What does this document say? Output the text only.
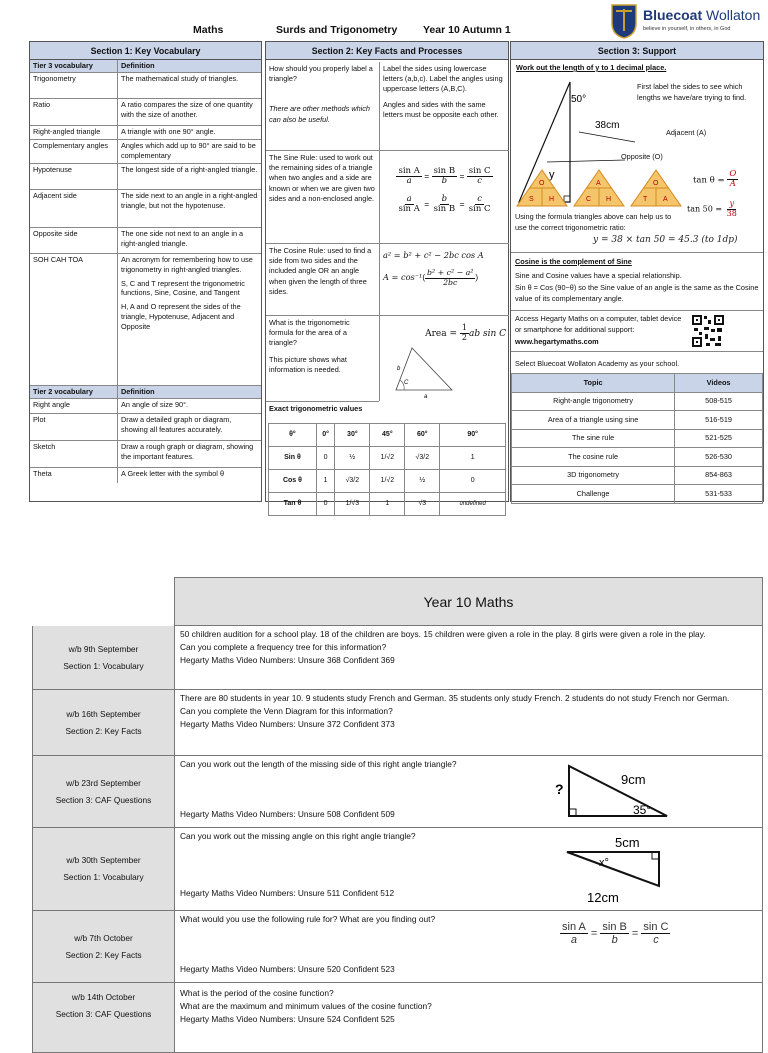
Maths	Surds and Trigonometry Year 10 Autumn 1
Bluecoat Wollaton
believe in yourself, in others, in God
Section 1: Key Vocabulary
Tier 3 vocabulary	Definition
Trigonometry	The mathematical study of triangles.
Ratio	A ratio compares the size of one quantity with the size of another.
Right-angled triangle	A triangle with one 90° angle.
Complementary angles	Angles which add up to 90° are said to be complementary
Hypotenuse	The longest side of a right-angled triangle.
Adjacent side	The side next to an angle in a right-angled triangle, but not the hypotenuse.
Opposite side	The one side not next to an angle in a right-angled triangle.
SOH CAH TOA	An acronym for remembering how to use trigonometry in right-angled triangles.
S, C and T represent the trigonometric functions, Sine, Cosine, and Tangent
H, A and O represent the sides of the triangle, Hypotenuse, Adjacent and Opposite
Tier 2 vocabulary	Definition
Right angle	An angle of size 90°.
Plot	Draw a detailed graph or diagram, showing all features accurately.
Sketch	Draw a rough graph or diagram, showing the important features.
Theta	A Greek letter with the symbol θ
Section 2: Key Facts and Processes
How should you properly label a triangle?
There are other methods which can also be useful.
Label the sides using lowercase letters (a,b,c). Label the angles using uppercase letters (A,B,C).
Angles and sides with the same letters must be opposite each other.
The Sine Rule: used to work out the remaining sides of a triangle when two angles and a side are known or when we are given two sides and a non-enclosed angle.
$\frac{\text{sin A}}{a} = \frac{\text{sin B}}{b} = \frac{\text{sin C}}{c}$
$\frac{a}{\text{sin A}} = \frac{b}{\text{sin B}} = \frac{c}{\text{sin C}}$
The Cosine Rule: used to find a side from two sides and the included angle OR an angle when given the length of three sides.
a² = b² + c² − 2bc cos A
$A = \cos^{-1}( \frac{\text{b² + c² − a²}}{2bc}$ )
What is the trigonometric formula for the area of a triangle?
This picture shows what information is needed.
Area = $\frac{1}{2}$ ab sin C
C
b
a
Exact trigonometric values
θ°	0°	30°	45°	60°	90°
Sin θ	0	½	1/√2	√3/2	1
Cos θ	1	√3/2	1/√2	½	0
Tan θ	0	1/√3	1	√3	undefined
Section 3: Support
Work out the length of y to 1 decimal place.
50°
38cm
y
First label the sides to see which lengths we have/are trying to find.
Adjacent (A)
Opposite (O)
O
S H
A
C H
O
T A
$\tan \theta = \frac{O}{A}$
$\tan 50 = \frac{y}{38}$
Using the formula triangles above can help us to use the correct trigonometric ratio:
y = 38 × tan 50 = 45.3 (to 1dp)
Cosine is the complement of Sine
Sine and Cosine values have a special relationship.
Sin θ = Cos (90−θ) so the Sine value of an angle is the same as the Cosine value of its complementary angle.
Access Hegarty Maths on a computer, tablet device or smartphone for additional support:
www.hegartymaths.com
Select Bluecoat Wollaton Academy as your school.
Topic	Videos
Right-angle trigonometry	508-515
Area of a triangle using sine	516-519
The sine rule	521-525
The cosine rule	526-530
3D trigonometry	854-863
Challenge	531-533
Year 10 Maths
w/b 9th September
Section 1: Vocabulary
50 children audition for a school play. 18 of the children are boys. 15 children were given a role in the play. 8 girls were given a role in the play.
Can you complete a frequency tree for this information?
Hegarty Maths Video Numbers: Unsure 368 Confident 369
w/b 16th September
Section 2: Key Facts
There are 80 students in year 10. 9 students study French and German. 35 students only study French. 2 students do not study French nor German.
Can you complete the Venn Diagram for this information?
Hegarty Maths Video Numbers: Unsure 372 Confident 373
w/b 23rd September
Section 3: CAF Questions
Can you work out the length of the missing side of this right angle triangle?
Hegarty Maths Video Numbers: Unsure 508 Confident 509
9cm
?
35°
w/b 30th September
Section 1: Vocabulary
Can you work out the missing angle on this right angle triangle?
Hegarty Maths Video Numbers: Unsure 511 Confident 512
5cm
x°
12cm
w/b 7th October
Section 2: Key Facts
What would you use the following rule for? What are you finding out?
Hegarty Maths Video Numbers: Unsure 520 Confident 523
$\frac{\text{sin A}}{a} = \frac{\text{sin B}}{b} = \frac{\text{sin C}}{c}$
w/b 14th October
Section 3: CAF Questions
What is the period of the cosine function?
What are the maximum and minimum values of the cosine function?
Hegarty Maths Video Numbers: Unsure 524 Confident 525
